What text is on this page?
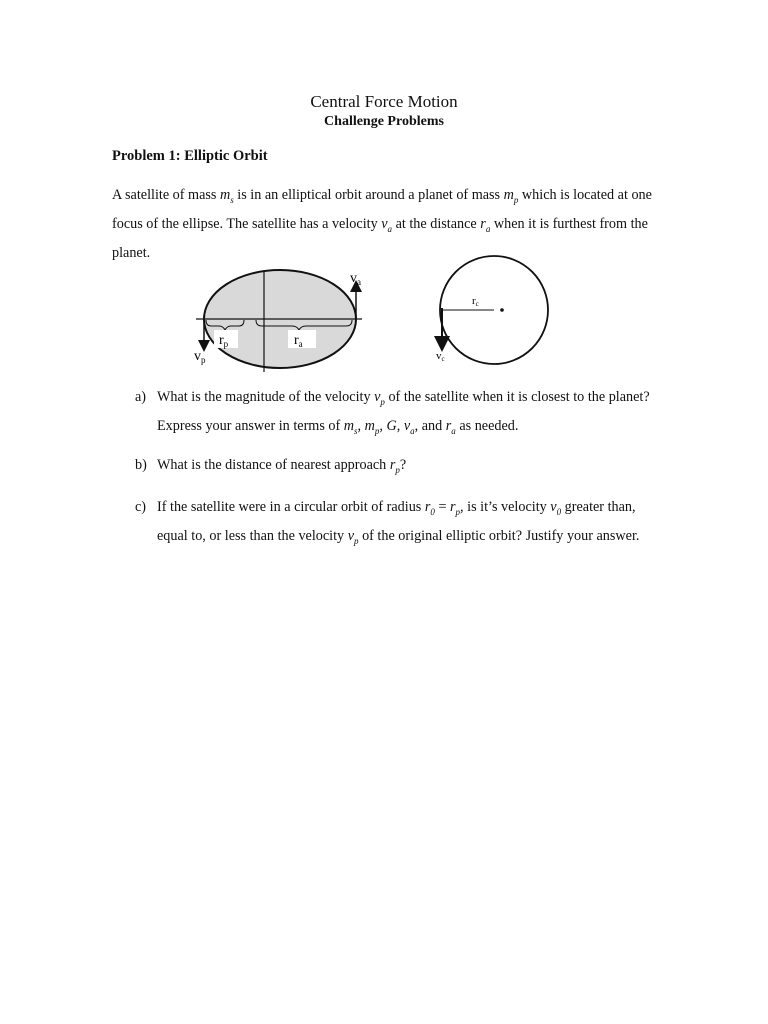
Central Force Motion
Challenge Problems
Problem 1: Elliptic Orbit
A satellite of mass $m_s$ is in an elliptical orbit around a planet of mass $m_p$ which is located at one focus of the ellipse. The satellite has a velocity $v_a$ at the distance $r_a$ when it is furthest from the planet.
$r_p$	$r_a$
$v_a$
$v_p$
rc
vc
a) What is the magnitude of the velocity $v_p$ of the satellite when it is closest to the planet? Express your answer in terms of $m_s$, $m_p$, G, $v_a$, and $r_a$ as needed.
b) What is the distance of nearest approach $r_p$?
c) If the satellite were in a circular orbit of radius $r_0 = r_p$, is it’s velocity $v_0$ greater than, equal to, or less than the velocity $v_p$ of the original elliptic orbit? Justify your answer.
